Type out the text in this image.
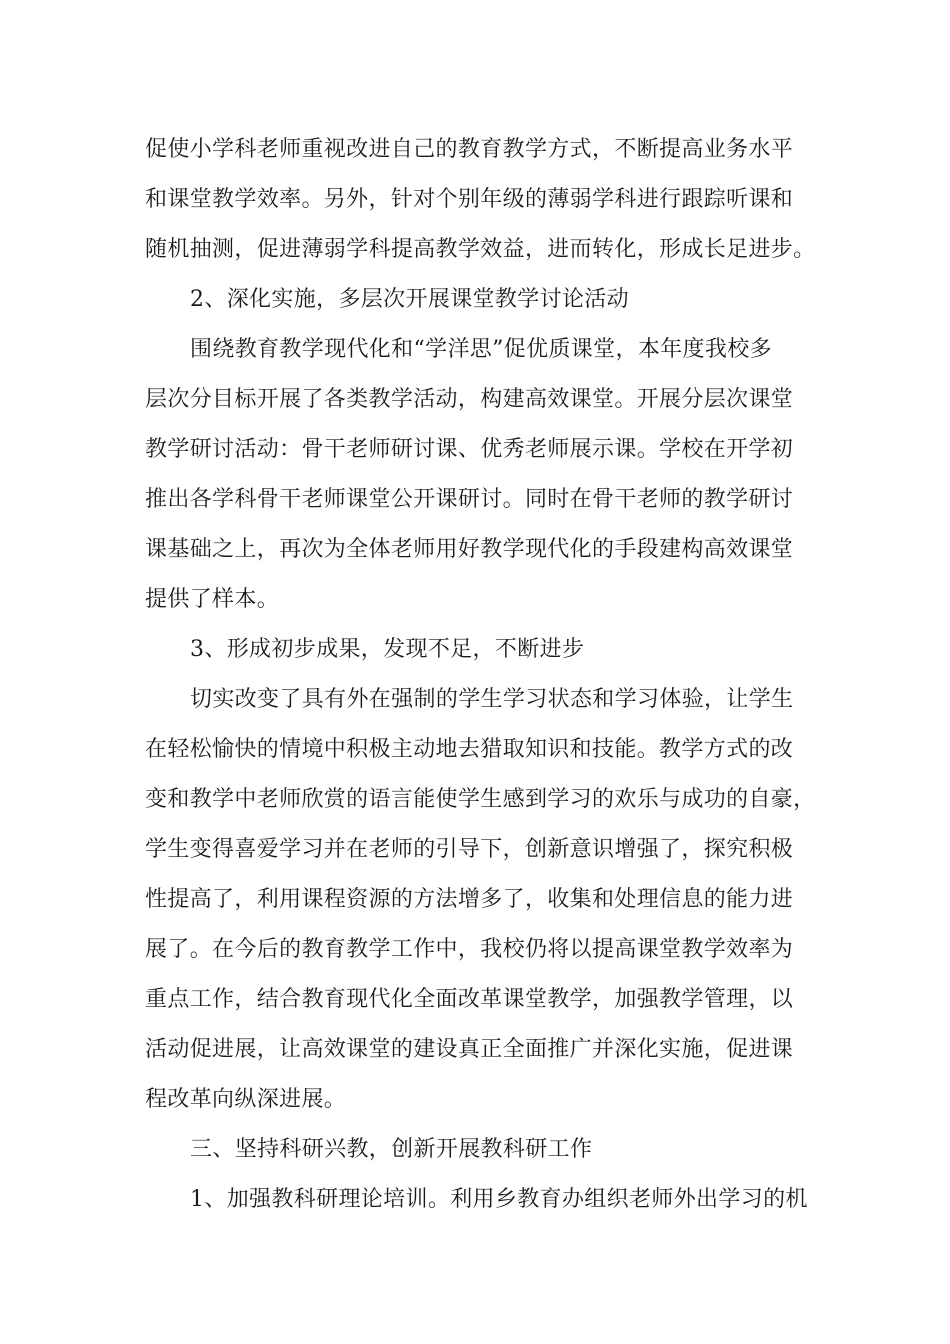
促使小学科老师重视改进自己的教育教学方式，不断提高业务水平

和课堂教学效率。另外，针对个别年级的薄弱学科进行跟踪听课和

随机抽测，促进薄弱学科提高教学效益，进而转化，形成长足进步。

2、深化实施，多层次开展课堂教学讨论活动

围绕教育教学现代化和“学洋思”促优质课堂，本年度我校多

层次分目标开展了各类教学活动，构建高效课堂。开展分层次课堂

教学研讨活动：骨干老师研讨课、优秀老师展示课。学校在开学初

推出各学科骨干老师课堂公开课研讨。同时在骨干老师的教学研讨

课基础之上，再次为全体老师用好教学现代化的手段建构高效课堂

提供了样本。

3、形成初步成果，发现不足，不断进步

切实改变了具有外在强制的学生学习状态和学习体验，让学生

在轻松愉快的情境中积极主动地去猎取知识和技能。教学方式的改

变和教学中老师欣赏的语言能使学生感到学习的欢乐与成功的自豪，

学生变得喜爱学习并在老师的引导下，创新意识增强了，探究积极

性提高了，利用课程资源的方法增多了，收集和处理信息的能力进

展了。在今后的教育教学工作中，我校仍将以提高课堂教学效率为

重点工作，结合教育现代化全面改革课堂教学，加强教学管理，以

活动促进展，让高效课堂的建设真正全面推广并深化实施，促进课

程改革向纵深进展。

三、坚持科研兴教，创新开展教科研工作

1、加强教科研理论培训。利用乡教育办组织老师外出学习的机
